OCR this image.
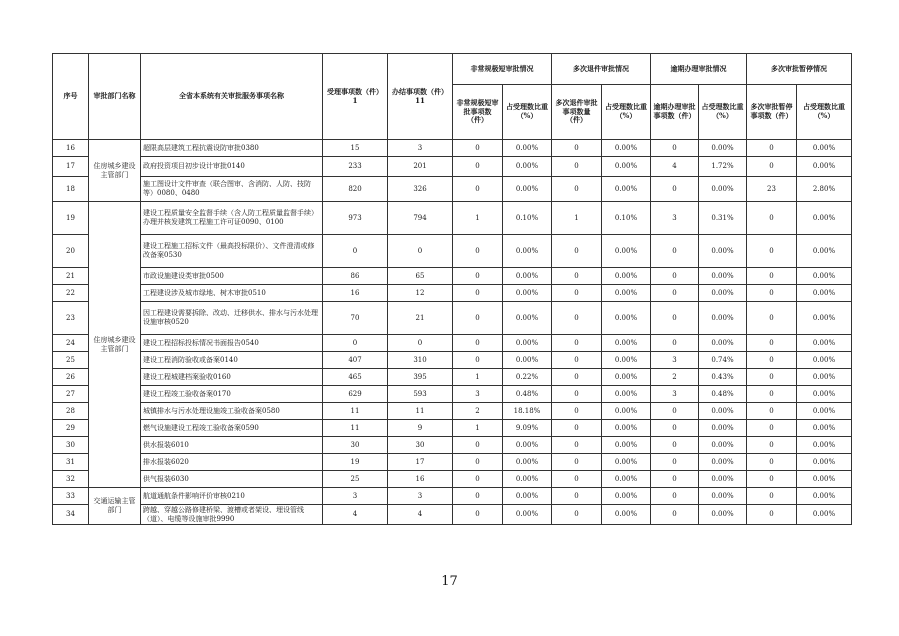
序号	审批部门名称	全省本系统有关审批服务事项名称	受理事项数（件）1	办结事项数（件）11	非常规极短审批情况		多次退件审批情况		逾期办理审批情况		多次审批暂停情况	
					非常规极短审批事项数（件）	占受理数比重（%）	多次退件审批事项数量（件）	占受理数比重（%）	逾期办理审批事项数（件）	占受理数比重（%）	多次审批暂停事项数（件）	占受理数比重（%）
16	住房城乡建设主管部门	超限高层建筑工程抗震设防审批0380	15	3	0	0.00%	0	0.00%	0	0.00%	0	0.00%
17		政府投资项目初步设计审批0140	233	201	0	0.00%	0	0.00%	4	1.72%	0	0.00%
18		施工图设计文件审查（联合图审、含消防、人防、技防等）0080、0480	820	326	0	0.00%	0	0.00%	0	0.00%	23	2.80%
19	住房城乡建设主管部门	建设工程质量安全监督手续（含人防工程质量监督手续）办理并核发建筑工程施工许可证0090、0100	973	794	1	0.10%	1	0.10%	3	0.31%	0	0.00%
20		建设工程施工招标文件（最高投标限价）、文件澄清或修改备案0530	0	0	0	0.00%	0	0.00%	0	0.00%	0	0.00%
21		市政设施建设类审批0500	86	65	0	0.00%	0	0.00%	0	0.00%	0	0.00%
22		工程建设涉及城市绿地、树木审批0510	16	12	0	0.00%	0	0.00%	0	0.00%	0	0.00%
23		因工程建设需要拆除、改动、迁移供水、排水与污水处理设施审核0520	70	21	0	0.00%	0	0.00%	0	0.00%	0	0.00%
24		建设工程招标投标情况书面报告0540	0	0	0	0.00%	0	0.00%	0	0.00%	0	0.00%
25		建设工程消防验收或备案0140	407	310	0	0.00%	0	0.00%	3	0.74%	0	0.00%
26		建设工程城建档案验收0160	465	395	1	0.22%	0	0.00%	2	0.43%	0	0.00%
27		建设工程竣工验收备案0170	629	593	3	0.48%	0	0.00%	3	0.48%	0	0.00%
28		城镇排水与污水处理设施竣工验收备案0580	11	11	2	18.18%	0	0.00%	0	0.00%	0	0.00%
29		燃气设施建设工程竣工验收备案0590	11	9	1	9.09%	0	0.00%	0	0.00%	0	0.00%
30		供水报装6010	30	30	0	0.00%	0	0.00%	0	0.00%	0	0.00%
31		排水报装6020	19	17	0	0.00%	0	0.00%	0	0.00%	0	0.00%
32		供气报装6030	25	16	0	0.00%	0	0.00%	0	0.00%	0	0.00%
33	交通运输主管部门	航道通航条件影响评价审核0210	3	3	0	0.00%	0	0.00%	0	0.00%	0	0.00%
34		跨越、穿越公路修建桥梁、渡槽或者架设、埋设管线（道）、电缆等设施审批9990	4	4	0	0.00%	0	0.00%	0	0.00%	0	0.00%
17
